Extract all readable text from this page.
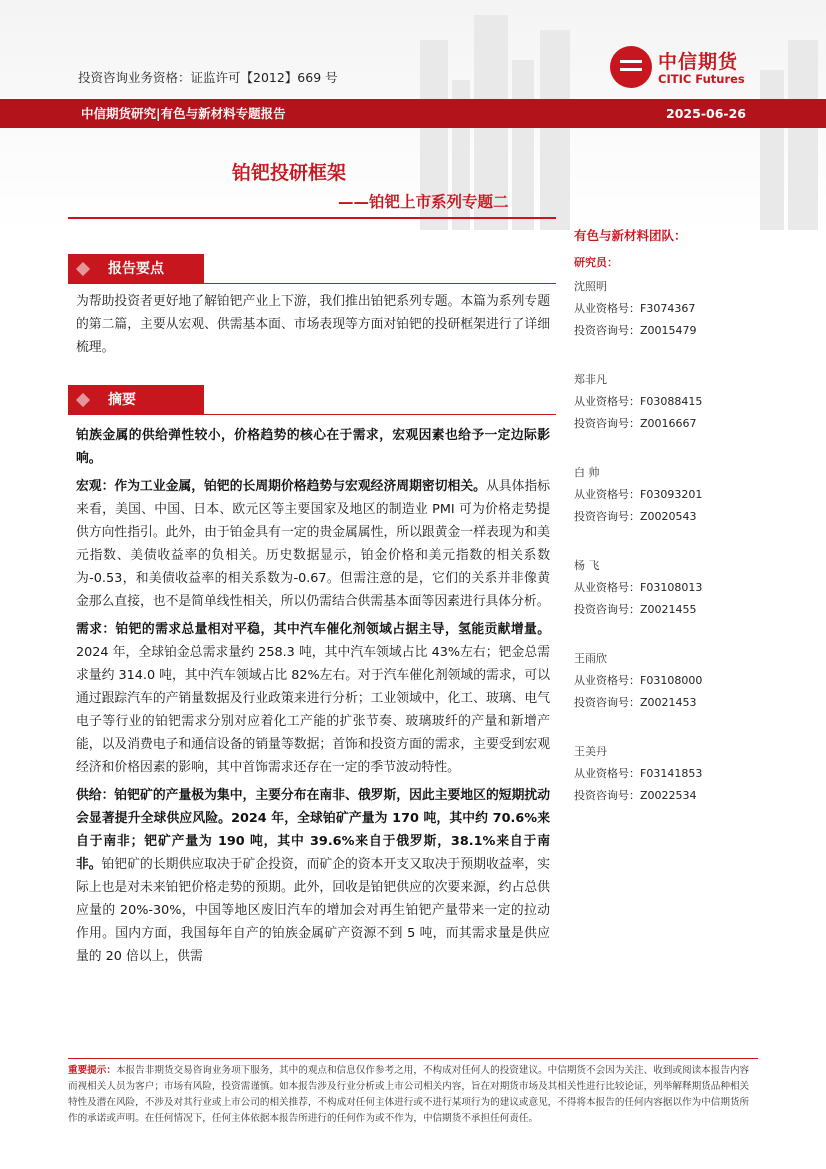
投资咨询业务资格：证监许可【2012】669 号
中信期货
CITIC Futures
中信期货研究|有色与新材料专题报告	2025-06-26
铂钯投研框架
——铂钯上市系列专题二
报告要点

为帮助投资者更好地了解铂钯产业上下游，我们推出铂钯系列专题。本篇为系列专题的第二篇，主要从宏观、供需基本面、市场表现等方面对铂钯的投研框架进行了详细梳理。

摘要

铂族金属的供给弹性较小，价格趋势的核心在于需求，宏观因素也给予一定边际影响。

宏观：作为工业金属，铂钯的长周期价格趋势与宏观经济周期密切相关。从具体指标来看，美国、中国、日本、欧元区等主要国家及地区的制造业 PMI 可为价格走势提供方向性指引。此外，由于铂金具有一定的贵金属属性，所以跟黄金一样表现为和美元指数、美债收益率的负相关。历史数据显示，铂金价格和美元指数的相关系数为-0.53，和美债收益率的相关系数为-0.67。但需注意的是，它们的关系并非像黄金那么直接，也不是简单线性相关，所以仍需结合供需基本面等因素进行具体分析。

需求：铂钯的需求总量相对平稳，其中汽车催化剂领域占据主导，氢能贡献增量。2024 年，全球铂金总需求量约 258.3 吨，其中汽车领域占比 43%左右；钯金总需求量约 314.0 吨，其中汽车领域占比 82%左右。对于汽车催化剂领域的需求，可以通过跟踪汽车的产销量数据及行业政策来进行分析；工业领域中，化工、玻璃、电气电子等行业的铂钯需求分别对应着化工产能的扩张节奏、玻璃玻纤的产量和新增产能，以及消费电子和通信设备的销量等数据；首饰和投资方面的需求，主要受到宏观经济和价格因素的影响，其中首饰需求还存在一定的季节波动特性。

供给：铂钯矿的产量极为集中，主要分布在南非、俄罗斯，因此主要地区的短期扰动会显著提升全球供应风险。2024 年，全球铂矿产量为 170 吨，其中约 70.6%来自于南非；钯矿产量为 190 吨，其中 39.6%来自于俄罗斯，38.1%来自于南非。铂钯矿的长期供应取决于矿企投资，而矿企的资本开支又取决于预期收益率，实际上也是对未来铂钯价格走势的预期。此外，回收是铂钯供应的次要来源，约占总供应量的 20%-30%，中国等地区废旧汽车的增加会对再生铂钯产量带来一定的拉动作用。国内方面，我国每年自产的铂族金属矿产资源不到 5 吨，而其需求量是供应量的 20 倍以上，供需

有色与新材料团队：
研究员：
沈照明
从业资格号：F3074367
投资咨询号：Z0015479
郑非凡
从业资格号：F03088415
投资咨询号：Z0016667
白 帅
从业资格号：F03093201
投资咨询号：Z0020543
杨 飞
从业资格号：F03108013
投资咨询号：Z0021455
王雨欣
从业资格号：F03108000
投资咨询号：Z0021453
王美丹
从业资格号：F03141853
投资咨询号：Z0022534
重要提示：本报告非期货交易咨询业务项下服务，其中的观点和信息仅作参考之用，不构成对任何人的投资建议。中信期货不会因为关注、收到或阅读本报告内容而视相关人员为客户；市场有风险，投资需谨慎。如本报告涉及行业分析或上市公司相关内容，旨在对期货市场及其相关性进行比较论证，列举解释期货品种相关特性及潜在风险，不涉及对其行业或上市公司的相关推荐，不构成对任何主体进行或不进行某项行为的建议或意见，不得将本报告的任何内容据以作为中信期货所作的承诺或声明。在任何情况下，任何主体依据本报告所进行的任何作为或不作为，中信期货不承担任何责任。
